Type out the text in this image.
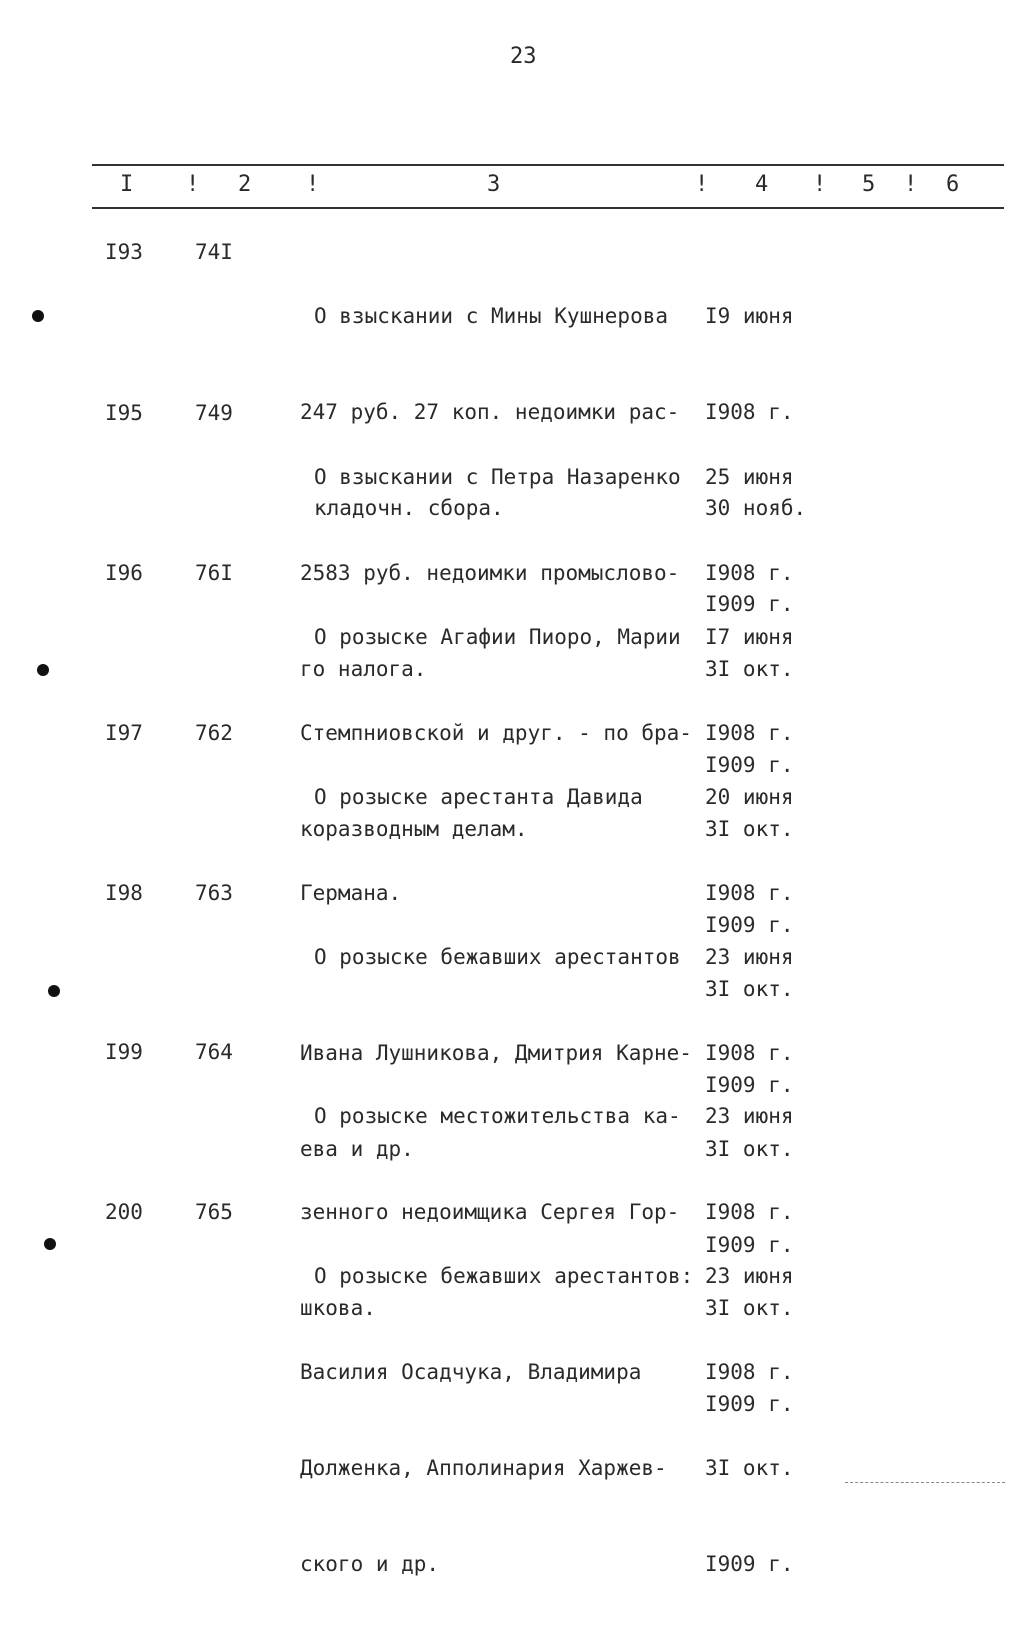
23
I ! 2 !	3	! 4 ! 5 ! 6
I93 74I

О взыскании с Мины Кушнерова

247 руб. 27 коп. недоимки рас-

кладочн. сбора.

I9 июня

I908 г.

30 нояб.

I909 г.

I95 749

О взыскании с Петра Назаренко

2583 руб. недоимки промыслово-

го налога.

25 июня

I908 г.

3I окт.

I909 г.

I96 76I

О розыске Агафии Пиоро, Марии

Стемпниовской и друг. - по бра-

коразводным делам.

I7 июня

I908 г.

3I окт.

I909 г.

I97 762

О розыске арестанта Давида

Германа.

20 июня

I908 г.

3I окт.

I909 г.

I98 763

О розыске бежавших арестантов

Ивана Лушникова, Дмитрия Карне-

ева и др.

23 июня

I908 г.

3I окт.

I909 г.

I99 764

О розыске местожительства ка-

зенного недоимщика Сергея Гор-

шкова.

23 июня

I908 г.

3I окт.

I909 г.

200 765

О розыске бежавших арестантов:

Василия Осадчука, Владимира

Долженка, Апполинария Харжев-

ского и др.

23 июня

I908 г.

3I окт.

I909 г.
